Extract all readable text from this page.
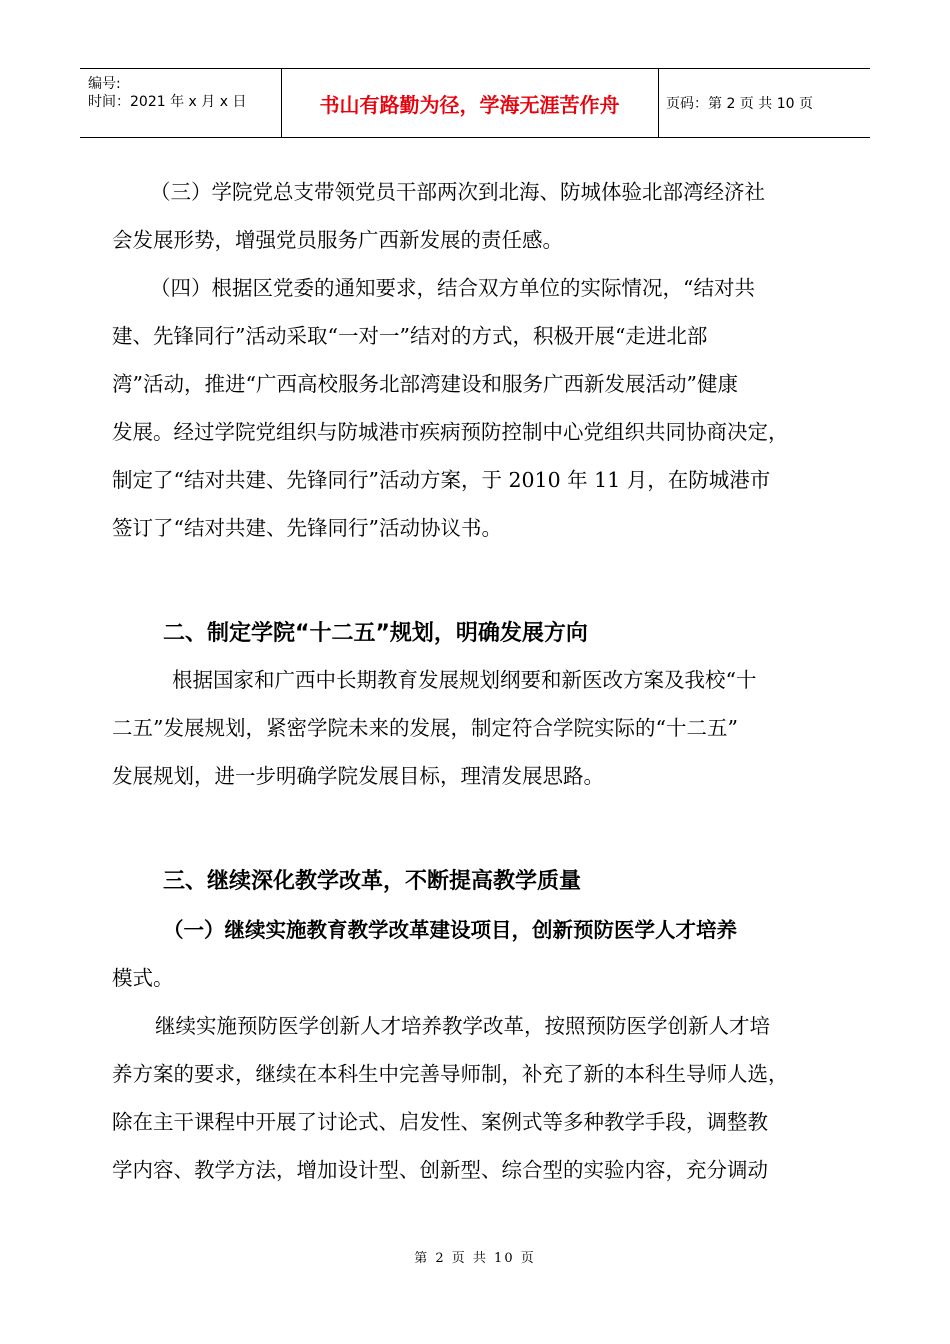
编号:
时间：2021 年 x 月 x 日	书山有路勤为径，学海无涯苦作舟	页码：第 2 页 共 10 页
（三）学院党总支带领党员干部两次到北海、防城体验北部湾经济社
会发展形势，增强党员服务广西新发展的责任感。
（四）根据区党委的通知要求，结合双方单位的实际情况，“结对共
建、先锋同行”活动采取“一对一”结对的方式，积极开展“走进北部
湾”活动，推进“广西高校服务北部湾建设和服务广西新发展活动”健康
发展。经过学院党组织与防城港市疾病预防控制中心党组织共同协商决定，
制定了“结对共建、先锋同行”活动方案，于 2010 年 11 月，在防城港市
签订了“结对共建、先锋同行”活动协议书。
二、制定学院“十二五”规划，明确发展方向
根据国家和广西中长期教育发展规划纲要和新医改方案及我校“十
二五”发展规划，紧密学院未来的发展，制定符合学院实际的“十二五”
发展规划，进一步明确学院发展目标，理清发展思路。
三、继续深化教学改革，不断提高教学质量
（一）继续实施教育教学改革建设项目，创新预防医学人才培养
模式。
继续实施预防医学创新人才培养教学改革，按照预防医学创新人才培
养方案的要求，继续在本科生中完善导师制，补充了新的本科生导师人选，
除在主干课程中开展了讨论式、启发性、案例式等多种教学手段，调整教
学内容、教学方法，增加设计型、创新型、综合型的实验内容，充分调动
第 2 页 共 10 页
